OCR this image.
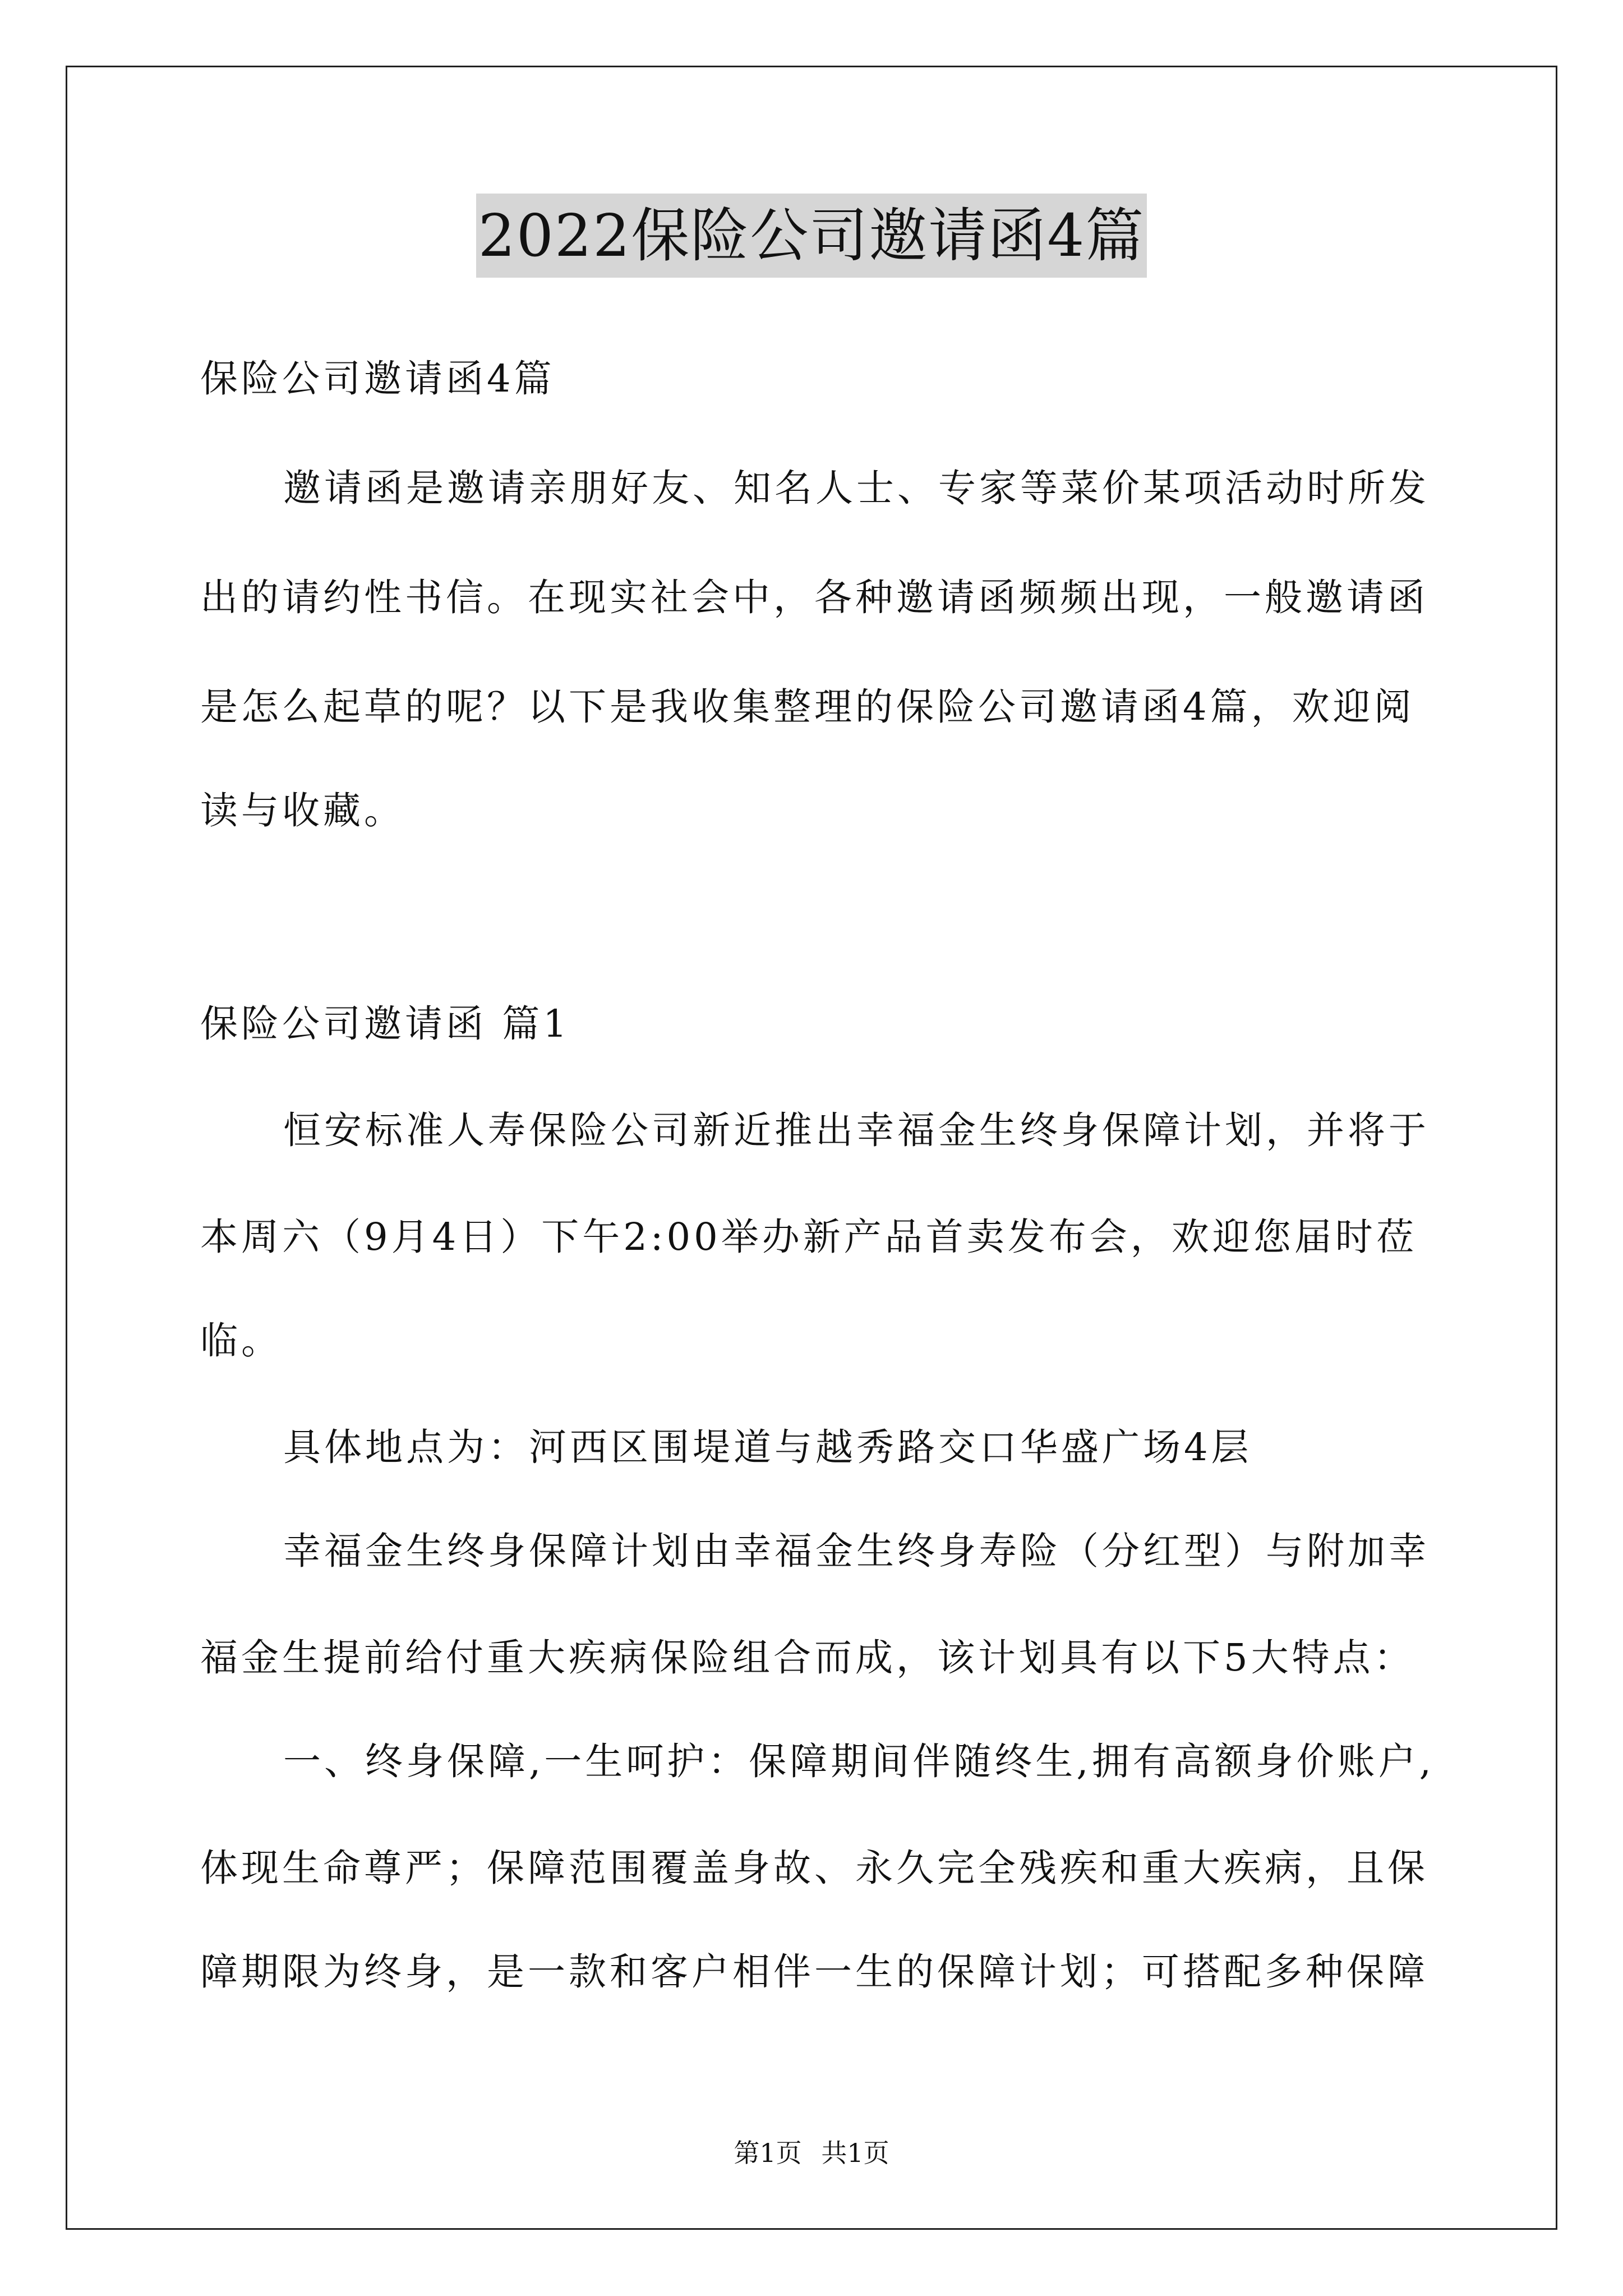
2022保险公司邀请函4篇
保险公司邀请函4篇
邀请函是邀请亲朋好友、知名人士、专家等菜价某项活动时所发
出的请约性书信。在现实社会中，各种邀请函频频出现，一般邀请函
是怎么起草的呢？以下是我收集整理的保险公司邀请函4篇，欢迎阅
读与收藏。
保险公司邀请函 篇1
恒安标准人寿保险公司新近推出幸福金生终身保障计划，并将于
本周六（9月4日）下午2:00举办新产品首卖发布会，欢迎您届时莅
临。
具体地点为：河西区围堤道与越秀路交口华盛广场4层
幸福金生终身保障计划由幸福金生终身寿险（分红型）与附加幸
福金生提前给付重大疾病保险组合而成，该计划具有以下5大特点：
一、终身保障,一生呵护：保障期间伴随终生,拥有高额身价账户,
体现生命尊严；保障范围覆盖身故、永久完全残疾和重大疾病，且保
障期限为终身，是一款和客户相伴一生的保障计划；可搭配多种保障
第1页 共1页
